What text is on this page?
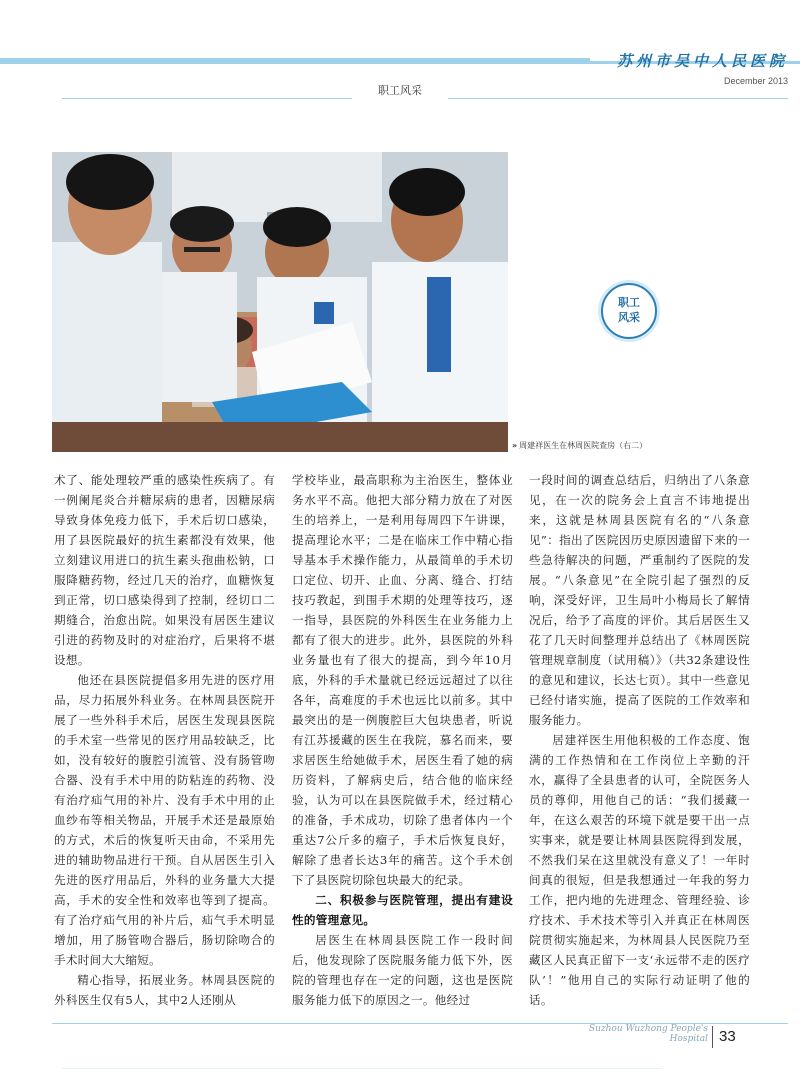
苏州市吴中人民医院
December 2013
职工风采
职工
风采
» 周建祥医生在林周医院查房（右二）

术了、能处理较严重的感染性疾病了。有一例阑尾炎合并糖尿病的患者，因糖尿病导致身体免疫力低下，手术后切口感染，用了县医院最好的抗生素都没有效果，他立刻建议用进口的抗生素头孢曲松钠，口服降糖药物，经过几天的治疗，血糖恢复到正常，切口感染得到了控制，经切口二期缝合，治愈出院。如果没有居医生建议引进的药物及时的对症治疗，后果将不堪设想。

他还在县医院提倡多用先进的医疗用品，尽力拓展外科业务。在林周县医院开展了一些外科手术后，居医生发现县医院的手术室一些常见的医疗用品较缺乏，比如，没有较好的腹腔引流管、没有肠管吻合器、没有手术中用的防粘连的药物、没有治疗疝气用的补片、没有手术中用的止血纱布等相关物品，开展手术还是最原始的方式，术后的恢复听天由命，不采用先进的辅助物品进行干预。自从居医生引入先进的医疗用品后，外科的业务量大大提高，手术的安全性和效率也等到了提高。有了治疗疝气用的补片后，疝气手术明显增加，用了肠管吻合器后，肠切除吻合的手术时间大大缩短。

精心指导，拓展业务。林周县医院的外科医生仅有5人，其中2人还刚从

学校毕业，最高职称为主治医生，整体业务水平不高。他把大部分精力放在了对医生的培养上，一是利用每周四下午讲课，提高理论水平；二是在临床工作中精心指导基本手术操作能力，从最简单的手术切口定位、切开、止血、分离、缝合、打结技巧教起，到围手术期的处理等技巧，逐一指导，县医院的外科医生在业务能力上都有了很大的进步。此外，县医院的外科业务量也有了很大的提高，到今年10月底，外科的手术量就已经远远超过了以往各年，高难度的手术也远比以前多。其中最突出的是一例腹腔巨大包块患者，听说有江苏援藏的医生在我院，慕名而来，要求居医生给她做手术，居医生看了她的病历资料，了解病史后，结合他的临床经验，认为可以在县医院做手术，经过精心的准备，手术成功，切除了患者体内一个重达7公斤多的瘤子，手术后恢复良好，解除了患者长达3年的痛苦。这个手术创下了县医院切除包块最大的纪录。

二、积极参与医院管理，提出有建设性的管理意见。

居医生在林周县医院工作一段时间后，他发现除了医院服务能力低下外，医院的管理也存在一定的问题，这也是医院服务能力低下的原因之一。他经过

一段时间的调查总结后，归纳出了八条意见，在一次的院务会上直言不讳地提出来，这就是林周县医院有名的“八条意见”：指出了医院因历史原因遗留下来的一些急待解决的问题，严重制约了医院的发展。“八条意见”在全院引起了强烈的反响，深受好评，卫生局叶小梅局长了解情况后，给予了高度的评价。其后居医生又花了几天时间整理并总结出了《林周医院管理规章制度（试用稿）》（共32条建设性的意见和建议，长达七页）。其中一些意见已经付诸实施，提高了医院的工作效率和服务能力。

居建祥医生用他积极的工作态度、饱满的工作热情和在工作岗位上辛勤的汗水，赢得了全县患者的认可，全院医务人员的尊仰，用他自己的话：“我们援藏一年，在这么艰苦的环境下就是要干出一点实事来，就是要让林周县医院得到发展，不然我们呆在这里就没有意义了！一年时间真的很短，但是我想通过一年我的努力工作，把内地的先进理念、管理经验、诊疗技术、手术技术等引入并真正在林周医院贯彻实施起来，为林周县人民医院乃至藏区人民真正留下一支‘永远带不走的医疗队’！”他用自己的实际行动证明了他的话。

Suzhou Wuzhong People's Hospital 33
